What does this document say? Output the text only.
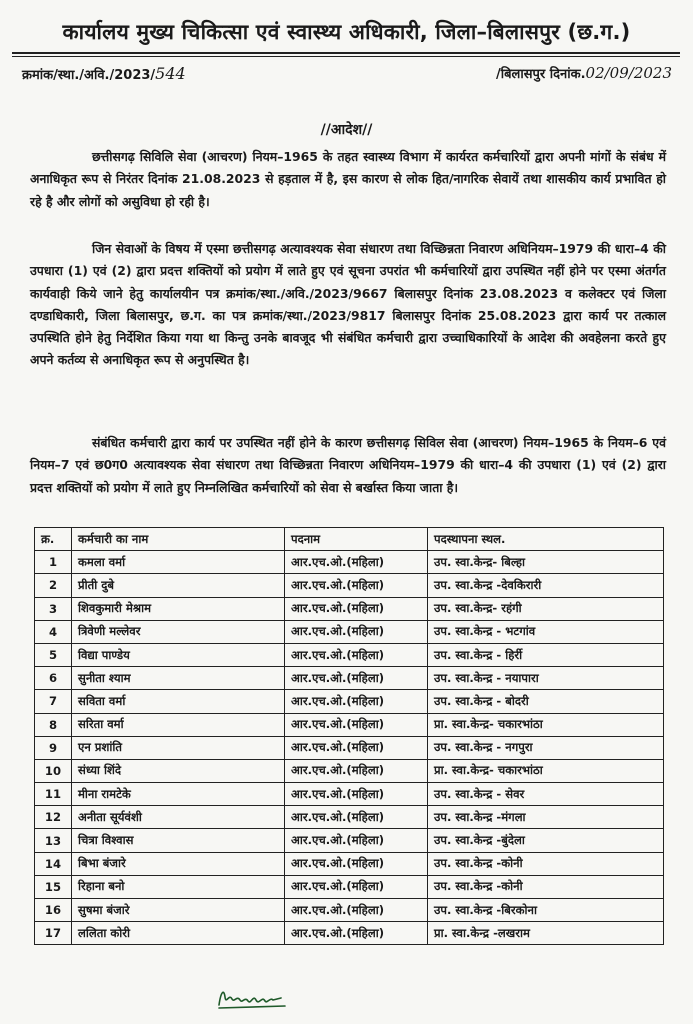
कार्यालय मुख्य चिकित्सा एवं स्वास्थ्य अधिकारी, जिला–बिलासपुर (छ.ग.)
क्रमांक/स्था./अवि./2023/544	/बिलासपुर दिनांक.02/09/2023
//आदेश//

छत्तीसगढ़ सिविलि सेवा (आचरण) नियम–1965 के तहत स्वास्थ्य विभाग में कार्यरत कर्मचारियों द्वारा अपनी मांगों के संबंध में अनाधिकृत रूप से निरंतर दिनांक 21.08.2023 से हड़ताल में है, इस कारण से लोक हित/नागरिक सेवायें तथा शासकीय कार्य प्रभावित हो रहे है और लोगों को असुविधा हो रही है।

जिन सेवाओं के विषय में एस्मा छत्तीसगढ़ अत्यावश्यक सेवा संधारण तथा विच्छिन्नता निवारण अधिनियम–1979 की धारा–4 की उपधारा (1) एवं (2) द्वारा प्रदत्त शक्तियों को प्रयोग में लाते हुए एवं सूचना उपरांत भी कर्मचारियों द्वारा उपस्थित नहीं होने पर एस्मा अंतर्गत कार्यवाही किये जाने हेतु कार्यालयीन पत्र क्रमांक/स्था./अवि./2023/9667 बिलासपुर दिनांक 23.08.2023 व कलेक्टर एवं जिला दण्डाधिकारी, जिला बिलासपुर, छ.ग. का पत्र क्रमांक/स्था./2023/9817 बिलासपुर दिनांक 25.08.2023 द्वारा कार्य पर तत्काल उपस्थिति होने हेतु निर्देशित किया गया था किन्तु उनके बावजूद भी संबंधित कर्मचारी द्वारा उच्चाधिकारियों के आदेश की अवहेलना करते हुए अपने कर्तव्य से अनाधिकृत रूप से अनुपस्थित है।

संबंधित कर्मचारी द्वारा कार्य पर उपस्थित नहीं होने के कारण छत्तीसगढ़ सिविल सेवा (आचरण) नियम–1965 के नियम–6 एवं नियम–7 एवं छ0ग0 अत्यावश्यक सेवा संधारण तथा विच्छिन्नता निवारण अधिनियम–1979 की धारा–4 की उपधारा (1) एवं (2) द्वारा प्रदत्त शक्तियों को प्रयोग में लाते हुए निम्नलिखित कर्मचारियों को सेवा से बर्खास्त किया जाता है।

क्र.	कर्मचारी का नाम	पदनाम	पदस्थापना स्थल.
1	कमला वर्मा	आर.एच.ओ.(महिला)	उप. स्वा.केन्द्र- बिल्हा
2	प्रीती दुबे	आर.एच.ओ.(महिला)	उप. स्वा.केन्द्र -देवकिरारी
3	शिवकुमारी मेश्राम	आर.एच.ओ.(महिला)	उप. स्वा.केन्द्र- रहंगी
4	त्रिवेणी मल्लेवर	आर.एच.ओ.(महिला)	उप. स्वा.केन्द्र - भटगांव
5	विद्या पाण्डेय	आर.एच.ओ.(महिला)	उप. स्वा.केन्द्र - हिर्री
6	सुनीता श्याम	आर.एच.ओ.(महिला)	उप. स्वा.केन्द्र - नयापारा
7	सविता वर्मा	आर.एच.ओ.(महिला)	उप. स्वा.केन्द्र - बोदरी
8	सरिता वर्मा	आर.एच.ओ.(महिला)	प्रा. स्वा.केन्द्र- चकारभांठा
9	एन प्रशांति	आर.एच.ओ.(महिला)	उप. स्वा.केन्द्र - नगपुरा
10	संध्या शिंदे	आर.एच.ओ.(महिला)	प्रा. स्वा.केन्द्र- चकारभांठा
11	मीना रामटेके	आर.एच.ओ.(महिला)	उप. स्वा.केन्द्र - सेवर
12	अनीता सूर्यवंशी	आर.एच.ओ.(महिला)	उप. स्वा.केन्द्र -मंगला
13	चित्रा विश्वास	आर.एच.ओ.(महिला)	उप. स्वा.केन्द्र -बुंदेला
14	बिभा बंजारे	आर.एच.ओ.(महिला)	उप. स्वा.केन्द्र -कोनी
15	रिहाना बनो	आर.एच.ओ.(महिला)	उप. स्वा.केन्द्र -कोनी
16	सुषमा बंजारे	आर.एच.ओ.(महिला)	उप. स्वा.केन्द्र -बिरकोना
17	ललिता कोरी	आर.एच.ओ.(महिला)	प्रा. स्वा.केन्द्र -लखराम
